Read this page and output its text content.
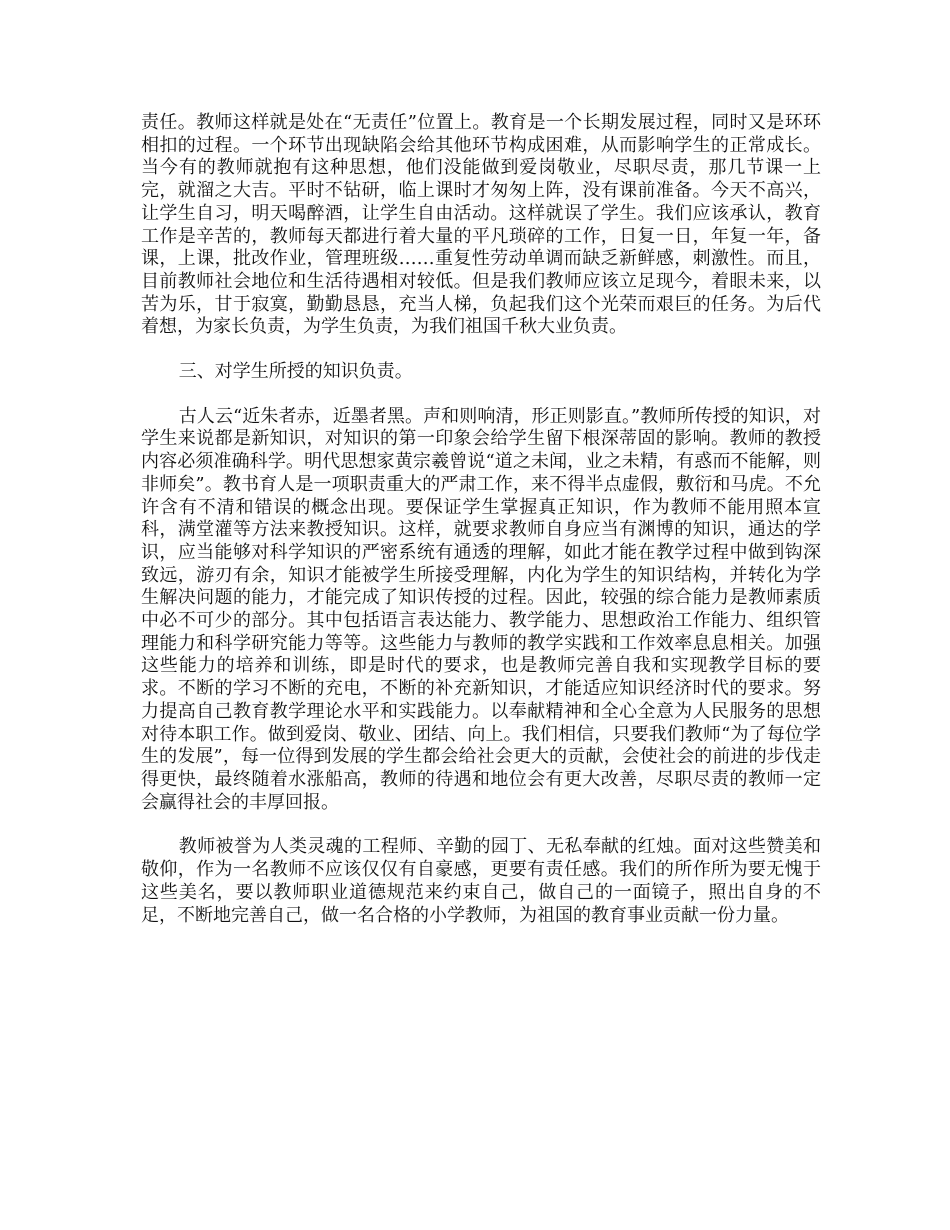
责任。教师这样就是处在“无责任”位置上。教育是一个长期发展过程，同时又是环环相扣的过程。一个环节出现缺陷会给其他环节构成困难，从而影响学生的正常成长。当今有的教师就抱有这种思想，他们没能做到爱岗敬业，尽职尽责，那几节课一上完，就溜之大吉。平时不钻研，临上课时才匆匆上阵，没有课前准备。今天不高兴，让学生自习，明天喝醉酒，让学生自由活动。这样就误了学生。我们应该承认，教育工作是辛苦的，教师每天都进行着大量的平凡琐碎的工作，日复一日，年复一年，备课，上课，批改作业，管理班级……重复性劳动单调而缺乏新鲜感，刺激性。而且，目前教师社会地位和生活待遇相对较低。但是我们教师应该立足现今，着眼未来，以苦为乐，甘于寂寞，勤勤恳恳，充当人梯，负起我们这个光荣而艰巨的任务。为后代着想，为家长负责，为学生负责，为我们祖国千秋大业负责。

三、对学生所授的知识负责。

古人云“近朱者赤，近墨者黑。声和则响清，形正则影直。”教师所传授的知识，对学生来说都是新知识，对知识的第一印象会给学生留下根深蒂固的影响。教师的教授内容必须准确科学。明代思想家黄宗羲曾说“道之未闻，业之未精，有惑而不能解，则非师矣”。教书育人是一项职责重大的严肃工作，来不得半点虚假，敷衍和马虎。不允许含有不清和错误的概念出现。要保证学生掌握真正知识，作为教师不能用照本宣科，满堂灌等方法来教授知识。这样，就要求教师自身应当有渊博的知识，通达的学识，应当能够对科学知识的严密系统有通透的理解，如此才能在教学过程中做到钩深致远，游刃有余，知识才能被学生所接受理解，内化为学生的知识结构，并转化为学生解决问题的能力，才能完成了知识传授的过程。因此，较强的综合能力是教师素质中必不可少的部分。其中包括语言表达能力、教学能力、思想政治工作能力、组织管理能力和科学研究能力等等。这些能力与教师的教学实践和工作效率息息相关。加强这些能力的培养和训练，即是时代的要求，也是教师完善自我和实现教学目标的要求。不断的学习不断的充电，不断的补充新知识，才能适应知识经济时代的要求。努力提高自己教育教学理论水平和实践能力。以奉献精神和全心全意为人民服务的思想对待本职工作。做到爱岗、敬业、团结、向上。我们相信，只要我们教师“为了每位学生的发展”，每一位得到发展的学生都会给社会更大的贡献，会使社会的前进的步伐走得更快，最终随着水涨船高，教师的待遇和地位会有更大改善，尽职尽责的教师一定会赢得社会的丰厚回报。

教师被誉为人类灵魂的工程师、辛勤的园丁、无私奉献的红烛。面对这些赞美和敬仰，作为一名教师不应该仅仅有自豪感，更要有责任感。我们的所作所为要无愧于这些美名，要以教师职业道德规范来约束自己，做自己的一面镜子，照出自身的不足，不断地完善自己，做一名合格的小学教师，为祖国的教育事业贡献一份力量。
